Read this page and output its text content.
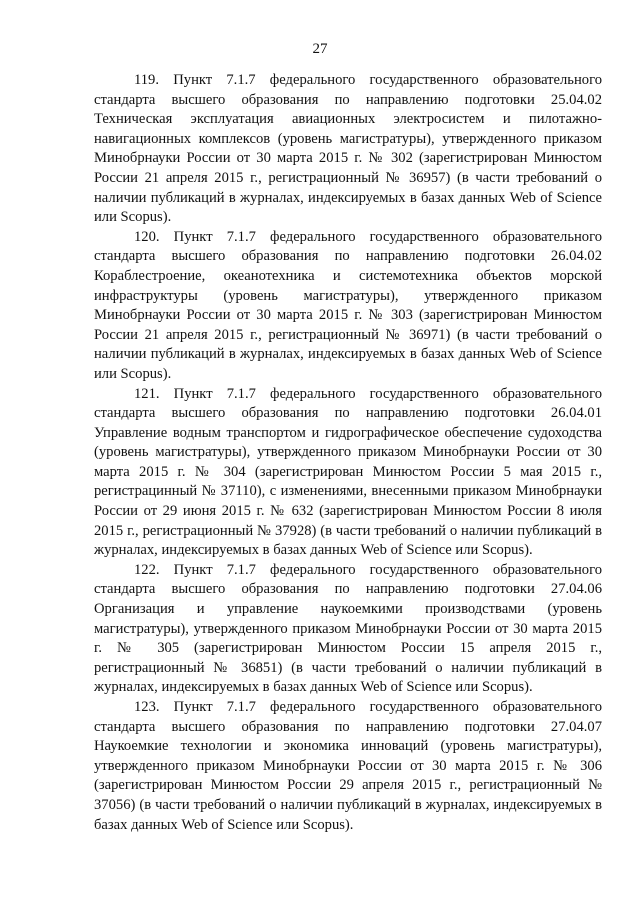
27

119. Пункт 7.1.7 федерального государственного образовательного стандарта высшего образования по направлению подготовки 25.04.02 Техническая эксплуатация авиационных электросистем и пилотажно-навигационных комплексов (уровень магистратуры), утвержденного приказом Минобрнауки России от 30 марта 2015 г. № 302 (зарегистрирован Минюстом России 21 апреля 2015 г., регистрационный № 36957) (в части требований о наличии публикаций в журналах, индексируемых в базах данных Web of Science или Scopus).

120. Пункт 7.1.7 федерального государственного образовательного стандарта высшего образования по направлению подготовки 26.04.02 Кораблестроение, океанотехника и системотехника объектов морской инфраструктуры (уровень магистратуры), утвержденного приказом Минобрнауки России от 30 марта 2015 г. № 303 (зарегистрирован Минюстом России 21 апреля 2015 г., регистрационный № 36971) (в части требований о наличии публикаций в журналах, индексируемых в базах данных Web of Science или Scopus).

121. Пункт 7.1.7 федерального государственного образовательного стандарта высшего образования по направлению подготовки 26.04.01 Управление водным транспортом и гидрографическое обеспечение судоходства (уровень магистратуры), утвержденного приказом Минобрнауки России от 30 марта 2015 г. № 304 (зарегистрирован Минюстом России 5 мая 2015 г., регистрацинный № 37110), с изменениями, внесенными приказом Минобрнауки России от 29 июня 2015 г. № 632 (зарегистрирован Минюстом России 8 июля 2015 г., регистрационный № 37928) (в части требований о наличии публикаций в журналах, индексируемых в базах данных Web of Science или Scopus).

122. Пункт 7.1.7 федерального государственного образовательного стандарта высшего образования по направлению подготовки 27.04.06 Организация и управление наукоемкими производствами (уровень магистратуры), утвержденного приказом Минобрнауки России от 30 марта 2015 г. № 305 (зарегистрирован Минюстом России 15 апреля 2015 г., регистрационный № 36851) (в части требований о наличии публикаций в журналах, индексируемых в базах данных Web of Science или Scopus).

123. Пункт 7.1.7 федерального государственного образовательного стандарта высшего образования по направлению подготовки 27.04.07 Наукоемкие технологии и экономика инноваций (уровень магистратуры), утвержденного приказом Минобрнауки России от 30 марта 2015 г. № 306 (зарегистрирован Минюстом России 29 апреля 2015 г., регистрационный № 37056) (в части требований о наличии публикаций в журналах, индексируемых в базах данных Web of Science или Scopus).
